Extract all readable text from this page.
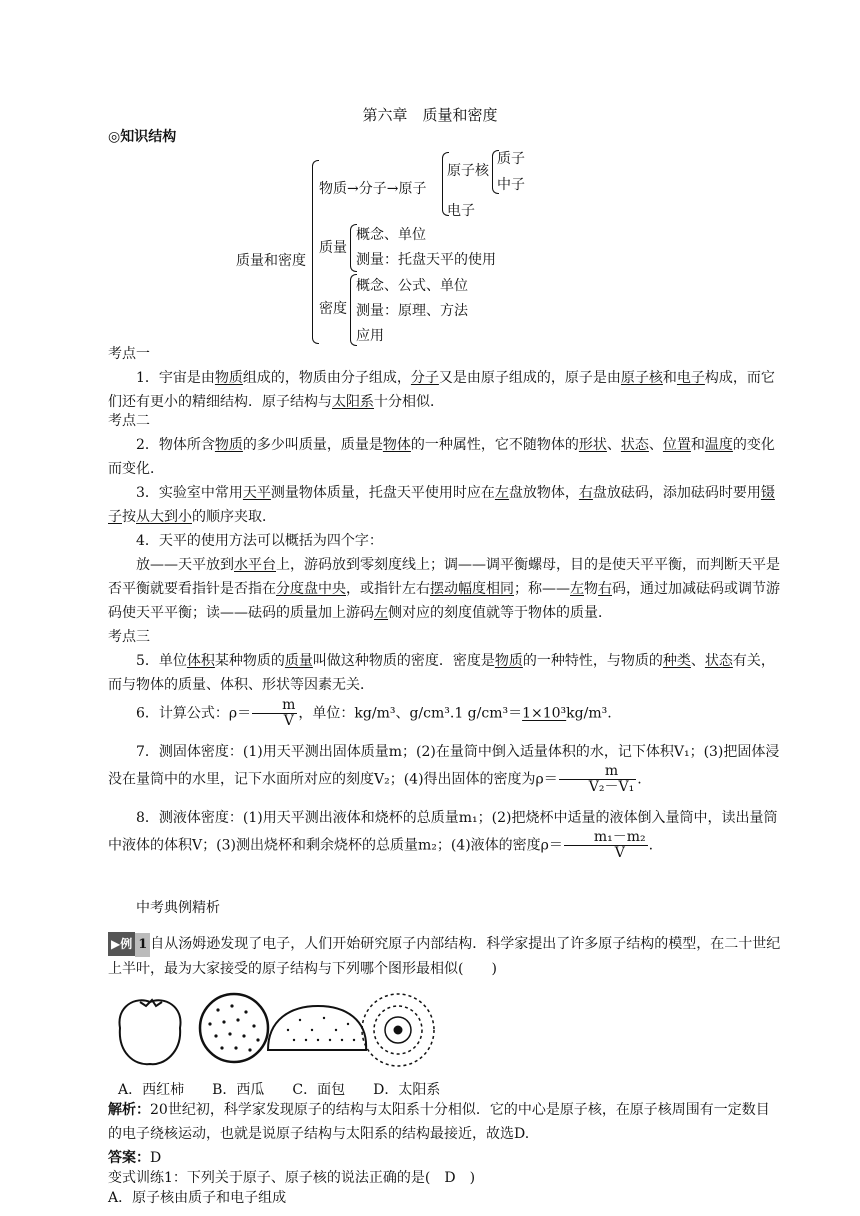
第六章　质量和密度
◎知识结构
质量和密度
物质→分子→原子
原子核
质子
中子
电子
质量
概念、单位
测量：托盘天平的使用
密度
概念、公式、单位
测量：原理、方法
应用
考点一
1．宇宙是由物质组成的，物质由分子组成，分子又是由原子组成的，原子是由原子核和电子构成，而它们还有更小的精细结构．原子结构与太阳系十分相似．
考点二
2．物体所含物质的多少叫质量，质量是物体的一种属性，它不随物体的形状、状态、位置和温度的变化而变化．
3．实验室中常用天平测量物体质量，托盘天平使用时应在左盘放物体，右盘放砝码，添加砝码时要用镊子按从大到小的顺序夹取．
4．天平的使用方法可以概括为四个字：
放——天平放到水平台上，游码放到零刻度线上；调——调平衡螺母，目的是使天平平衡，而判断天平是否平衡就要看指针是否指在分度盘中央，或指针左右摆动幅度相同；称——左物右码，通过加减砝码或调节游码使天平平衡；读——砝码的质量加上游码左侧对应的刻度值就等于物体的质量．
考点三
5．单位体积某种物质的质量叫做这种物质的密度．密度是物质的一种特性，与物质的种类、状态有关，而与物体的质量、体积、形状等因素无关．
6．计算公式：$\rho= \frac{m}{V}$ ，单位：kg/m³、g/cm³.1 g/cm³＝1×10³kg/m³.
7．测固体密度：(1)用天平测出固体质量m；(2)在量筒中倒入适量体积的水，记下体积V₁；(3)把固体浸没在量筒中的水里，记下水面所对应的刻度V₂；(4)得出固体的密度为$\rho= \frac{m}{\text{V₂－V₁}}$ .
8．测液体密度：(1)用天平测出液体和烧杯的总质量m₁；(2)把烧杯中适量的液体倒入量筒中，读出量筒中液体的体积V；(3)测出烧杯和剩余烧杯的总质量m₂；(4)液体的密度$\rho= \frac{\text{m₁－m₂}}{V}$ .
中考典例精析
▶例 1 自从汤姆逊发现了电子，人们开始研究原子内部结构．科学家提出了许多原子结构的模型，在二十世纪上半叶，最为大家接受的原子结构与下列哪个图形最相似(　　)
A．西红柿　　B．西瓜　　C．面包　　D．太阳系
解析：20世纪初，科学家发现原子的结构与太阳系十分相似．它的中心是原子核，在原子核周围有一定数目的电子绕核运动，也就是说原子结构与太阳系的结构最接近，故选D.
答案：D
变式训练1：下列关于原子、原子核的说法正确的是(　D　)
A．原子核由质子和电子组成
